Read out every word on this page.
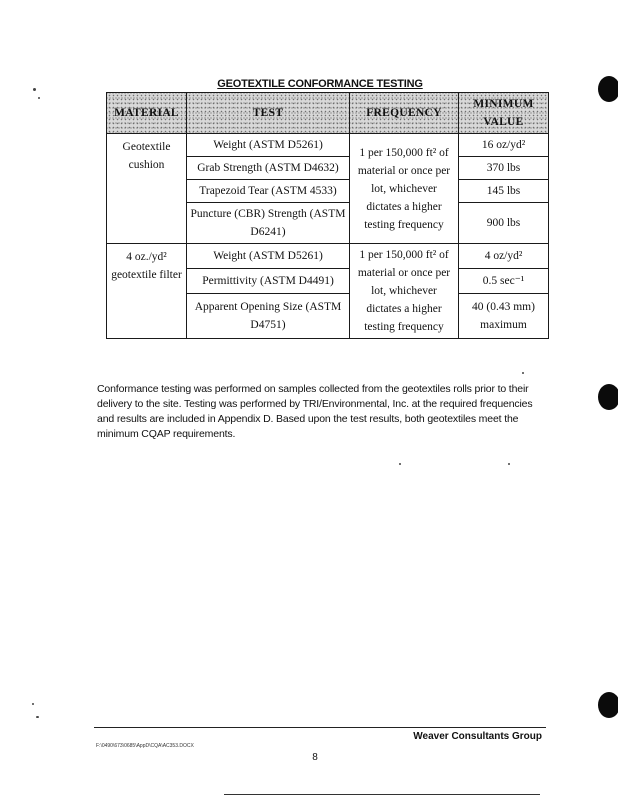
GEOTEXTILE CONFORMANCE TESTING
MATERIAL	TEST	FREQUENCY	MINIMUM VALUE
Geotextile cushion	Weight (ASTM D5261)	1 per 150,000 ft² of material or once per lot, whichever dictates a higher testing frequency	16 oz/yd²
	Grab Strength (ASTM D4632)		370 lbs
	Trapezoid Tear (ASTM 4533)		145 lbs
	Puncture (CBR) Strength (ASTM D6241)		900 lbs
4 oz./yd² geotextile filter	Weight (ASTM D5261)	1 per 150,000 ft² of material or once per lot, whichever dictates a higher testing frequency	4 oz/yd²
	Permittivity (ASTM D4491)		0.5 sec⁻¹
	Apparent Opening Size (ASTM D4751)		40 (0.43 mm) maximum

Conformance testing was performed on samples collected from the geotextiles rolls prior to their delivery to the site. Testing was performed by TRI/Environmental, Inc. at the required frequencies and results are included in Appendix D. Based upon the test results, both geotextiles meet the minimum CQAP requirements.

Weaver Consultants Group
F:\0490\673\0685\AppD\CQA\AC353.DOCX
8
